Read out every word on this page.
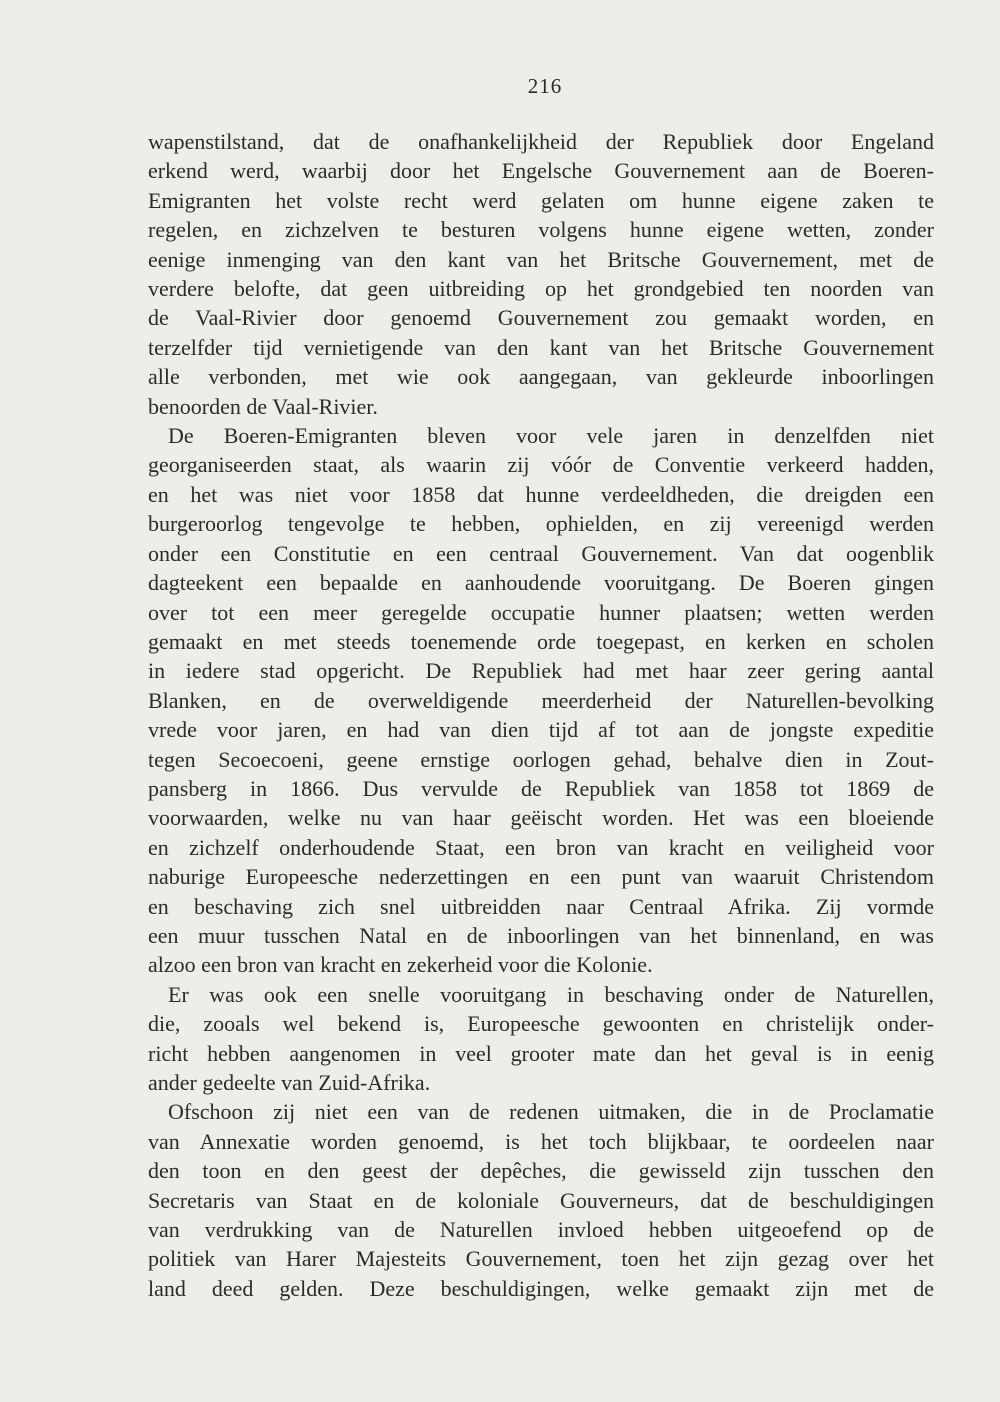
216
wapenstilstand, dat de onafhankelijkheid der Republiek door Engeland
erkend werd, waarbij door het Engelsche Gouvernement aan de Boeren-
Emigranten het volste recht werd gelaten om hunne eigene zaken te
regelen, en zichzelven te besturen volgens hunne eigene wetten, zonder
eenige inmenging van den kant van het Britsche Gouvernement, met de
verdere belofte, dat geen uitbreiding op het grondgebied ten noorden van
de Vaal-Rivier door genoemd Gouvernement zou gemaakt worden, en
terzelfder tijd vernietigende van den kant van het Britsche Gouvernement
alle verbonden, met wie ook aangegaan, van gekleurde inboorlingen
benoorden de Vaal-Rivier.
De Boeren-Emigranten bleven voor vele jaren in denzelfden niet
georganiseerden staat, als waarin zij vóór de Conventie verkeerd hadden,
en het was niet voor 1858 dat hunne verdeeldheden, die dreigden een
burgeroorlog tengevolge te hebben, ophielden, en zij vereenigd werden
onder een Constitutie en een centraal Gouvernement. Van dat oogenblik
dagteekent een bepaalde en aanhoudende vooruitgang. De Boeren gingen
over tot een meer geregelde occupatie hunner plaatsen; wetten werden
gemaakt en met steeds toenemende orde toegepast, en kerken en scholen
in iedere stad opgericht. De Republiek had met haar zeer gering aantal
Blanken, en de overweldigende meerderheid der Naturellen-bevolking
vrede voor jaren, en had van dien tijd af tot aan de jongste expeditie
tegen Secoecoeni, geene ernstige oorlogen gehad, behalve dien in Zout-
pansberg in 1866. Dus vervulde de Republiek van 1858 tot 1869 de
voorwaarden, welke nu van haar geëischt worden. Het was een bloeiende
en zichzelf onderhoudende Staat, een bron van kracht en veiligheid voor
naburige Europeesche nederzettingen en een punt van waaruit Christendom
en beschaving zich snel uitbreidden naar Centraal Afrika. Zij vormde
een muur tusschen Natal en de inboorlingen van het binnenland, en was
alzoo een bron van kracht en zekerheid voor die Kolonie.
Er was ook een snelle vooruitgang in beschaving onder de Naturellen,
die, zooals wel bekend is, Europeesche gewoonten en christelijk onder-
richt hebben aangenomen in veel grooter mate dan het geval is in eenig
ander gedeelte van Zuid-Afrika.
Ofschoon zij niet een van de redenen uitmaken, die in de Proclamatie
van Annexatie worden genoemd, is het toch blijkbaar, te oordeelen naar
den toon en den geest der depêches, die gewisseld zijn tusschen den
Secretaris van Staat en de koloniale Gouverneurs, dat de beschuldigingen
van verdrukking van de Naturellen invloed hebben uitgeoefend op de
politiek van Harer Majesteits Gouvernement, toen het zijn gezag over het
land deed gelden. Deze beschuldigingen, welke gemaakt zijn met de
